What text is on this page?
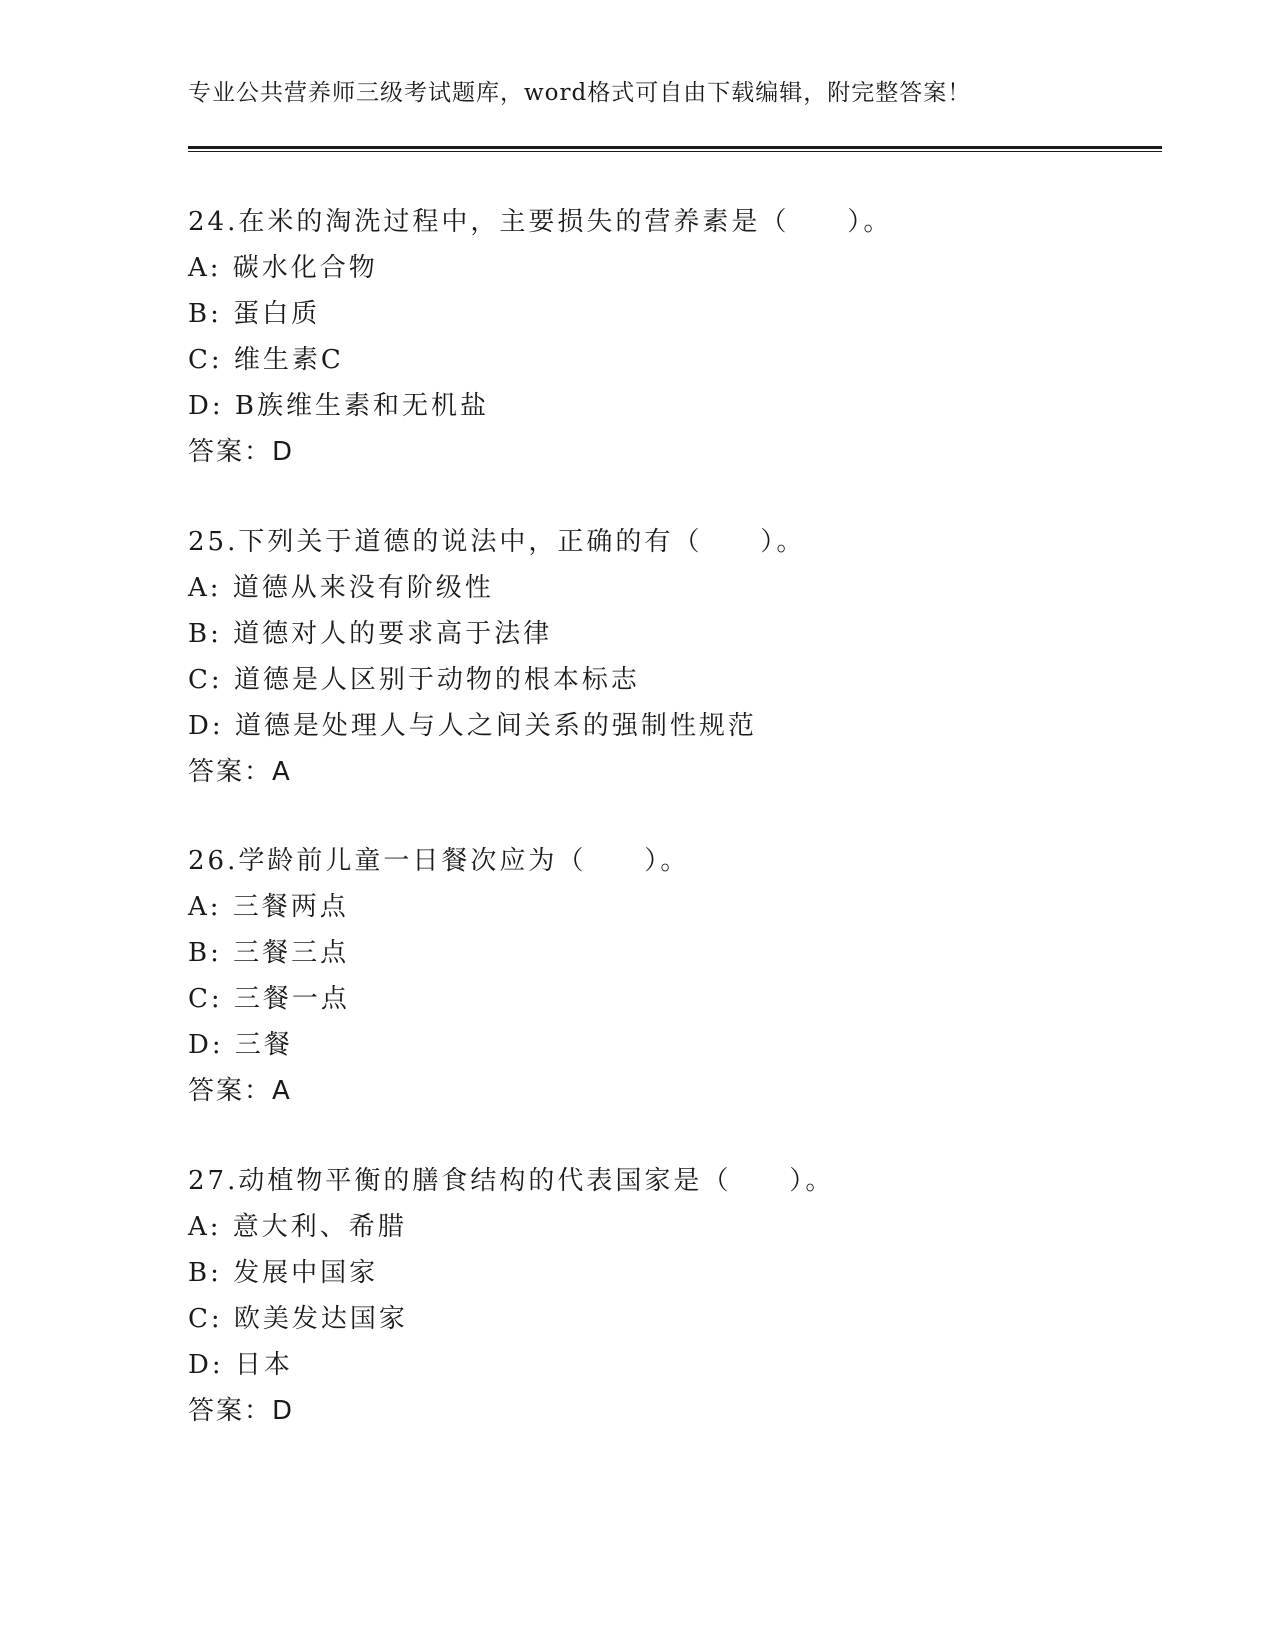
专业公共营养师三级考试题库，word格式可自由下载编辑，附完整答案！
24.在米的淘洗过程中，主要损失的营养素是（　　）。
A: 碳水化合物
B: 蛋白质
C: 维生素C
D: B族维生素和无机盐
答案：D
25.下列关于道德的说法中，正确的有（　　）。
A: 道德从来没有阶级性
B: 道德对人的要求高于法律
C: 道德是人区别于动物的根本标志
D: 道德是处理人与人之间关系的强制性规范
答案：A
26.学龄前儿童一日餐次应为（　　）。
A: 三餐两点
B: 三餐三点
C: 三餐一点
D: 三餐
答案：A
27.动植物平衡的膳食结构的代表国家是（　　）。
A: 意大利、希腊
B: 发展中国家
C: 欧美发达国家
D: 日本
答案：D
